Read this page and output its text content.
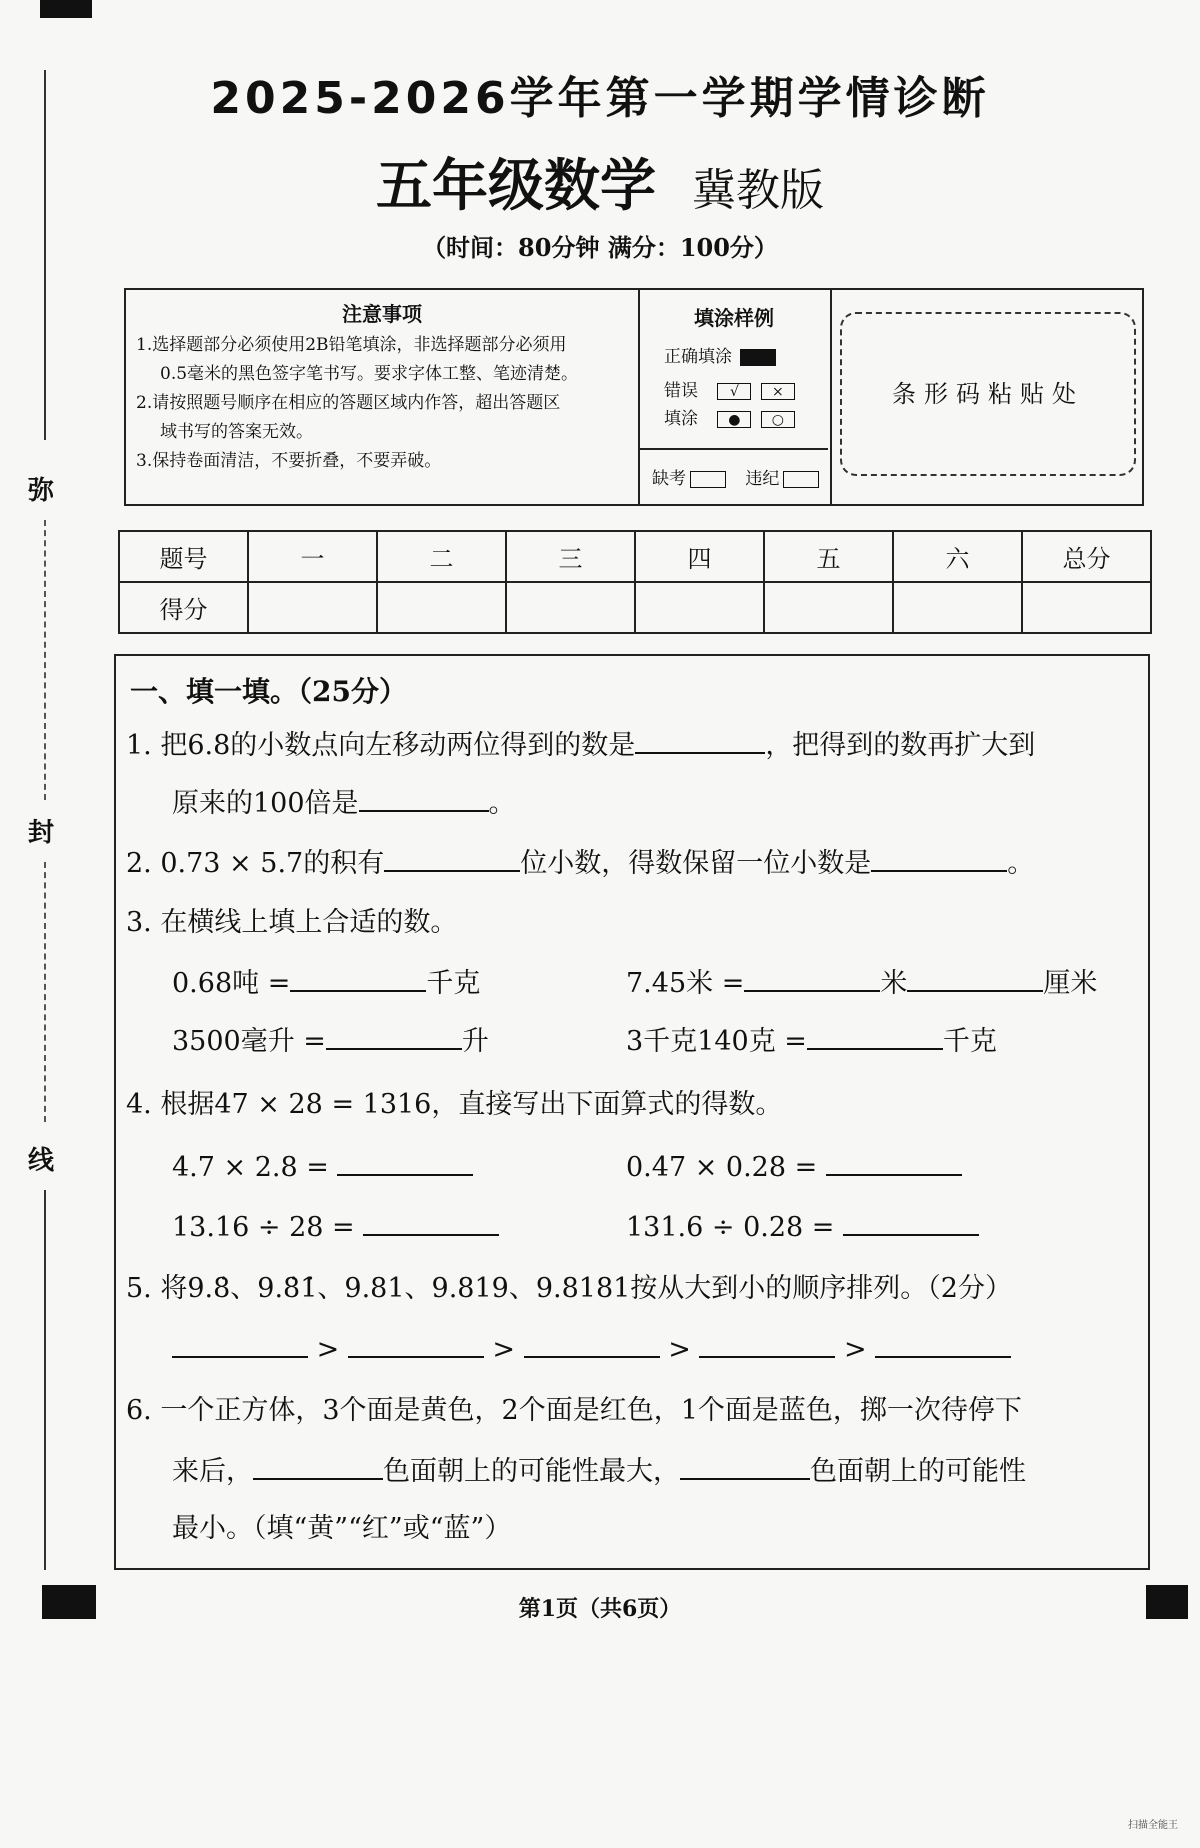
弥
封
线
2025-2026学年第一学期学情诊断
五年级数学 冀教版
（时间：80分钟 满分：100分）
注意事项

1.选择题部分必须使用2B铅笔填涂，非选择题部分必须用

0.5毫米的黑色签字笔书写。要求字体工整、笔迹清楚。

2.请按照题号顺序在相应的答题区域内作答，超出答题区

域书写的答案无效。

3.保持卷面清洁，不要折叠，不要弄破。

填涂样例
正确填涂
错误 √ ×
填涂 ● ○
缺考	违纪
条形码粘贴处
题号	一	二	三	四	五	六	总分
得分							
一、填一填。（25分）
1. 把6.8的小数点向左移动两位得到的数是	，把得到的数再扩大到
原来的100倍是	。
2. 0.73 × 5.7的积有	位小数，得数保留一位小数是	。
3. 在横线上填上合适的数。
0.68吨 =	千克	7.45米 =	米	厘米
3500毫升 =	升	3千克140克 =	千克
4. 根据47 × 28 = 1316，直接写出下面算式的得数。
4.7 × 2.8 =	0.47 × 0.28 =
13.16 ÷ 28 =	131.6 ÷ 0.28 =
5. 将9.8̇、9.8̇1̇、9.81、9.819、9.8181按从大到小的顺序排列。（2分）
>	>	>	>
6. 一个正方体，3个面是黄色，2个面是红色，1个面是蓝色，掷一次待停下
来后，	色面朝上的可能性最大，	色面朝上的可能性
最小。（填“黄”“红”或“蓝”）
第1页（共6页）
扫描全能王
